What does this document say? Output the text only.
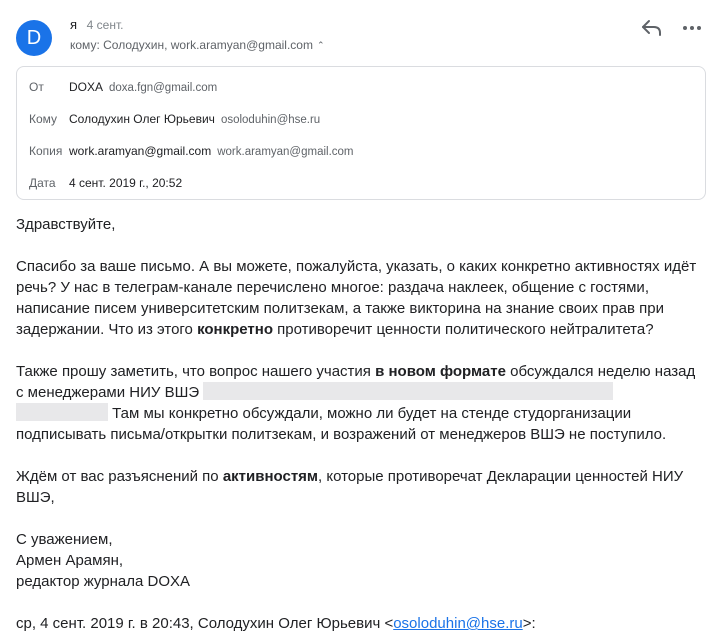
D
я 4 сент.
кому: Солодухин, work.aramyan@gmail.com ⌃
От	DOXA doxa.fgn@gmail.com
Кому Солодухин Олег Юрьевич osoloduhin@hse.ru
Копия work.aramyan@gmail.com work.aramyan@gmail.com
Дата	4 сент. 2019 г., 20:52
Здравствуйте,
Спасибо за ваше письмо. А вы можете, пожалуйста, указать, о каких конкретно активностях идёт речь? У нас в телеграм-канале перечислено многое: раздача наклеек, общение с гостями, написание писем университетским политзекам, а также викторина на знание своих прав при задержании. Что из этого конкретно противоречит ценности политического нейтралитета?
Также прошу заметить, что вопрос нашего участия в новом формате обсуждался неделю назад с менеджерами НИУ ВШЭ
Там мы конкретно обсуждали, можно ли будет на стенде студорганизации подписывать письма/открытки политзекам, и возражений от менеджеров ВШЭ не поступило.
Ждём от вас разъяснений по активностям, которые противоречат Декларации ценностей НИУ ВШЭ,
С уважением,
Армен Арамян,
редактор журнала DOXA
ср, 4 сент. 2019 г. в 20:43, Солодухин Олег Юрьевич <osoloduhin@hse.ru>:
